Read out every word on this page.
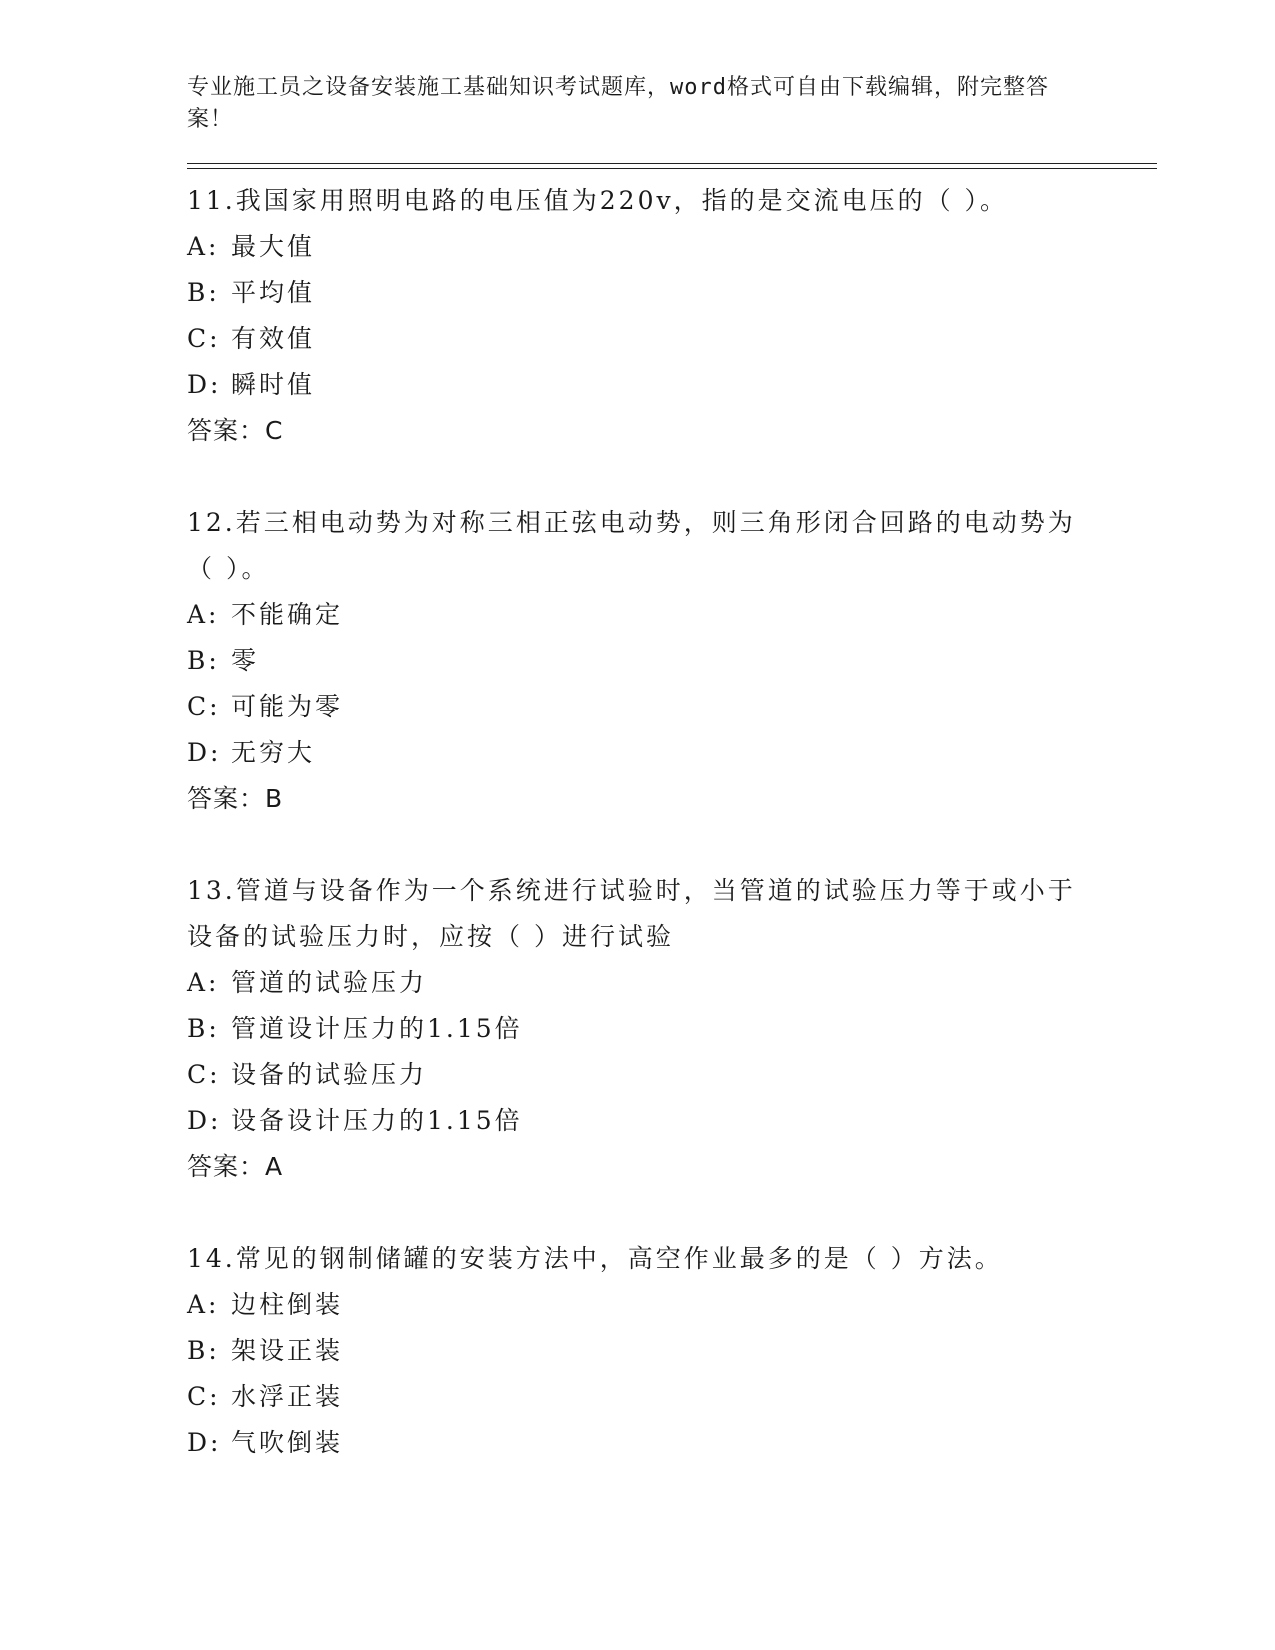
专业施工员之设备安装施工基础知识考试题库，word格式可自由下载编辑，附完整答案！
11.我国家用照明电路的电压值为220v，指的是交流电压的（ ）。
A: 最大值
B: 平均值
C: 有效值
D: 瞬时值
答案：C
12.若三相电动势为对称三相正弦电动势，则三角形闭合回路的电动势为（ ）。
A: 不能确定
B: 零
C: 可能为零
D: 无穷大
答案：B
13.管道与设备作为一个系统进行试验时，当管道的试验压力等于或小于设备的试验压力时，应按（ ）进行试验
A: 管道的试验压力
B: 管道设计压力的1.15倍
C: 设备的试验压力
D: 设备设计压力的1.15倍
答案：A
14.常见的钢制储罐的安装方法中，高空作业最多的是（ ）方法。
A: 边柱倒装
B: 架设正装
C: 水浮正装
D: 气吹倒装
